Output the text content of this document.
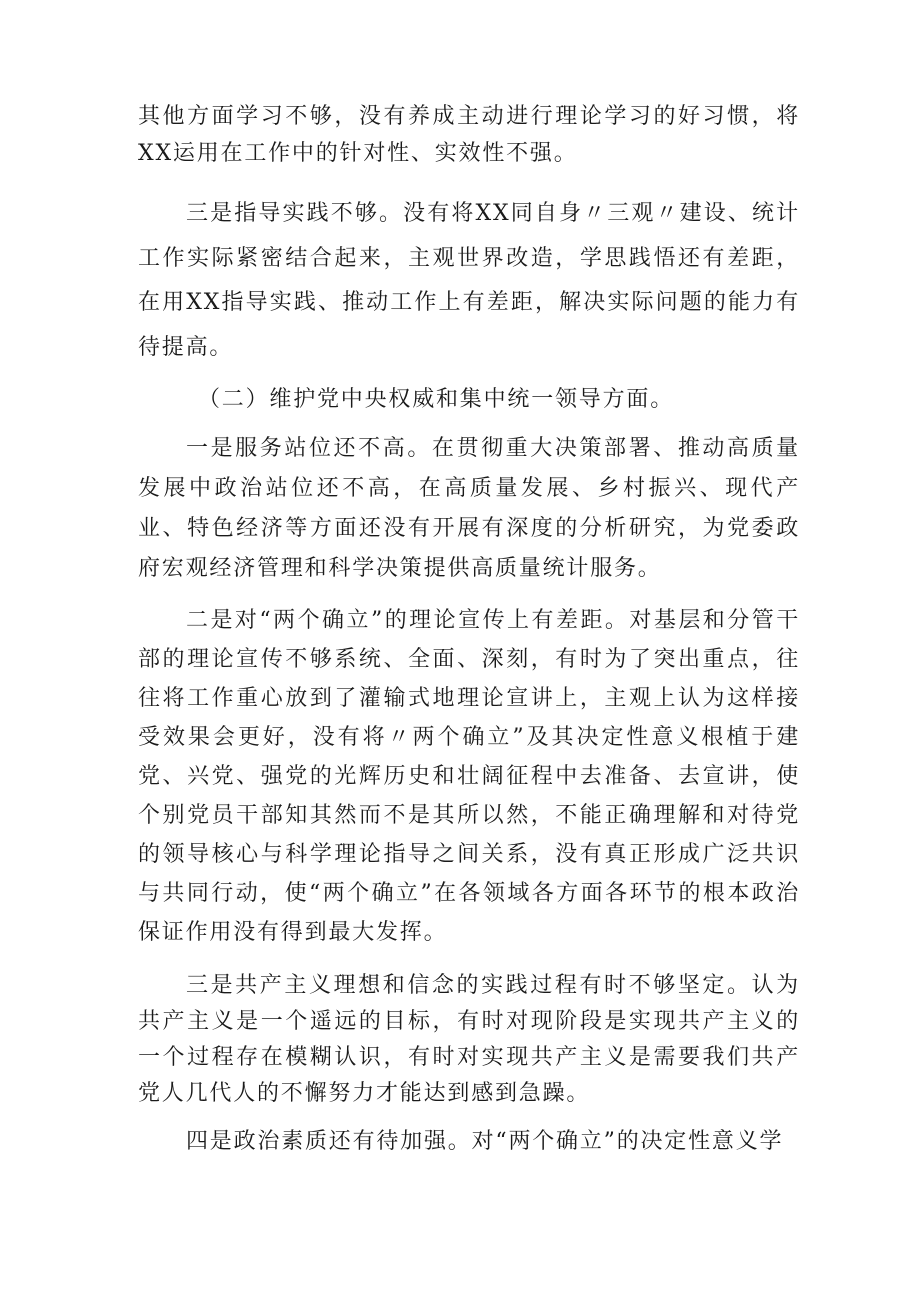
其他方面学习不够，没有养成主动进行理论学习的好习惯，将XX运用在工作中的针对性、实效性不强。

三是指导实践不够。没有将XX同自身〃三观〃建设、统计工作实际紧密结合起来，主观世界改造，学思践悟还有差距，在用XX指导实践、推动工作上有差距，解决实际问题的能力有待提高。

（二）维护党中央权威和集中统一领导方面。

一是服务站位还不高。在贯彻重大决策部署、推动高质量发展中政治站位还不高，在高质量发展、乡村振兴、现代产业、特色经济等方面还没有开展有深度的分析研究，为党委政府宏观经济管理和科学决策提供高质量统计服务。

二是对“两个确立”的理论宣传上有差距。对基层和分管干部的理论宣传不够系统、全面、深刻，有时为了突出重点，往往将工作重心放到了灌输式地理论宣讲上，主观上认为这样接受效果会更好，没有将〃两个确立”及其决定性意义根植于建党、兴党、强党的光辉历史和壮阔征程中去准备、去宣讲，使个别党员干部知其然而不是其所以然，不能正确理解和对待党的领导核心与科学理论指导之间关系，没有真正形成广泛共识与共同行动，使“两个确立”在各领域各方面各环节的根本政治保证作用没有得到最大发挥。

三是共产主义理想和信念的实践过程有时不够坚定。认为共产主义是一个遥远的目标，有时对现阶段是实现共产主义的一个过程存在模糊认识，有时对实现共产主义是需要我们共产党人几代人的不懈努力才能达到感到急躁。

四是政治素质还有待加强。对“两个确立”的决定性意义学
